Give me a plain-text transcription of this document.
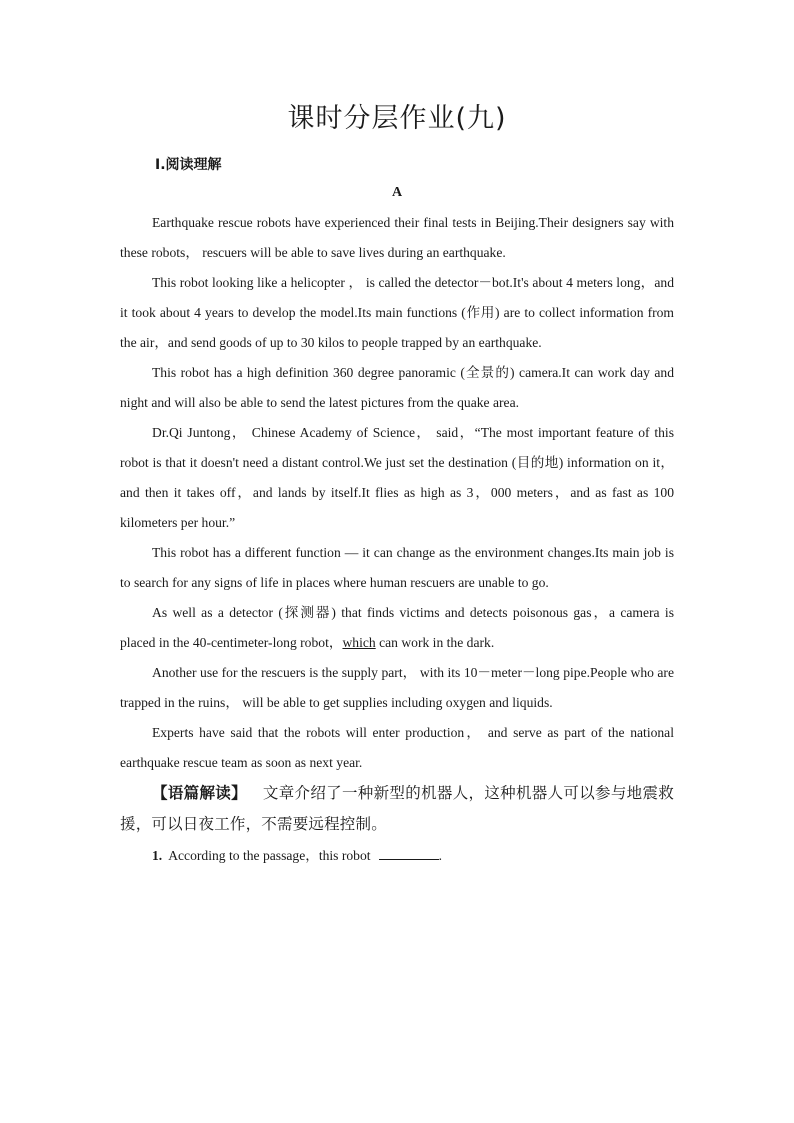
课时分层作业(九)
Ⅰ.阅读理解
A

Earthquake rescue robots have experienced their final tests in Beijing.Their designers say with these robots， rescuers will be able to save lives during an earthquake.

This robot looking like a helicopter ， is called the detector－bot.It's about 4 meters long，and it took about 4 years to develop the model.Its main functions (作用) are to collect information from the air，and send goods of up to 30 kilos to people trapped by an earthquake.

This robot has a high definition 360 degree panoramic (全景的) camera.It can work day and night and will also be able to send the latest pictures from the quake area.

Dr.Qi Juntong， Chinese Academy of Science， said，“The most important feature of this robot is that it doesn't need a distant control.We just set the destination (目的地) information on it，and then it takes off，and lands by itself.It flies as high as 3，000 meters，and as fast as 100 kilometers per hour.”

This robot has a different function — it can change as the environment changes.Its main job is to search for any signs of life in places where human rescuers are unable to go.

As well as a detector (探测器) that finds victims and detects poisonous gas，a camera is placed in the 40-centimeter-long robot，which can work in the dark.

Another use for the rescuers is the supply part， with its 10－meter－long pipe.People who are trapped in the ruins， will be able to get supplies including oxygen and liquids.

Experts have said that the robots will enter production， and serve as part of the national earthquake rescue team as soon as next year.

【语篇解读】 文章介绍了一种新型的机器人，这种机器人可以参与地震救援，可以日夜工作，不需要远程控制。

1. According to the passage，this robot	.
